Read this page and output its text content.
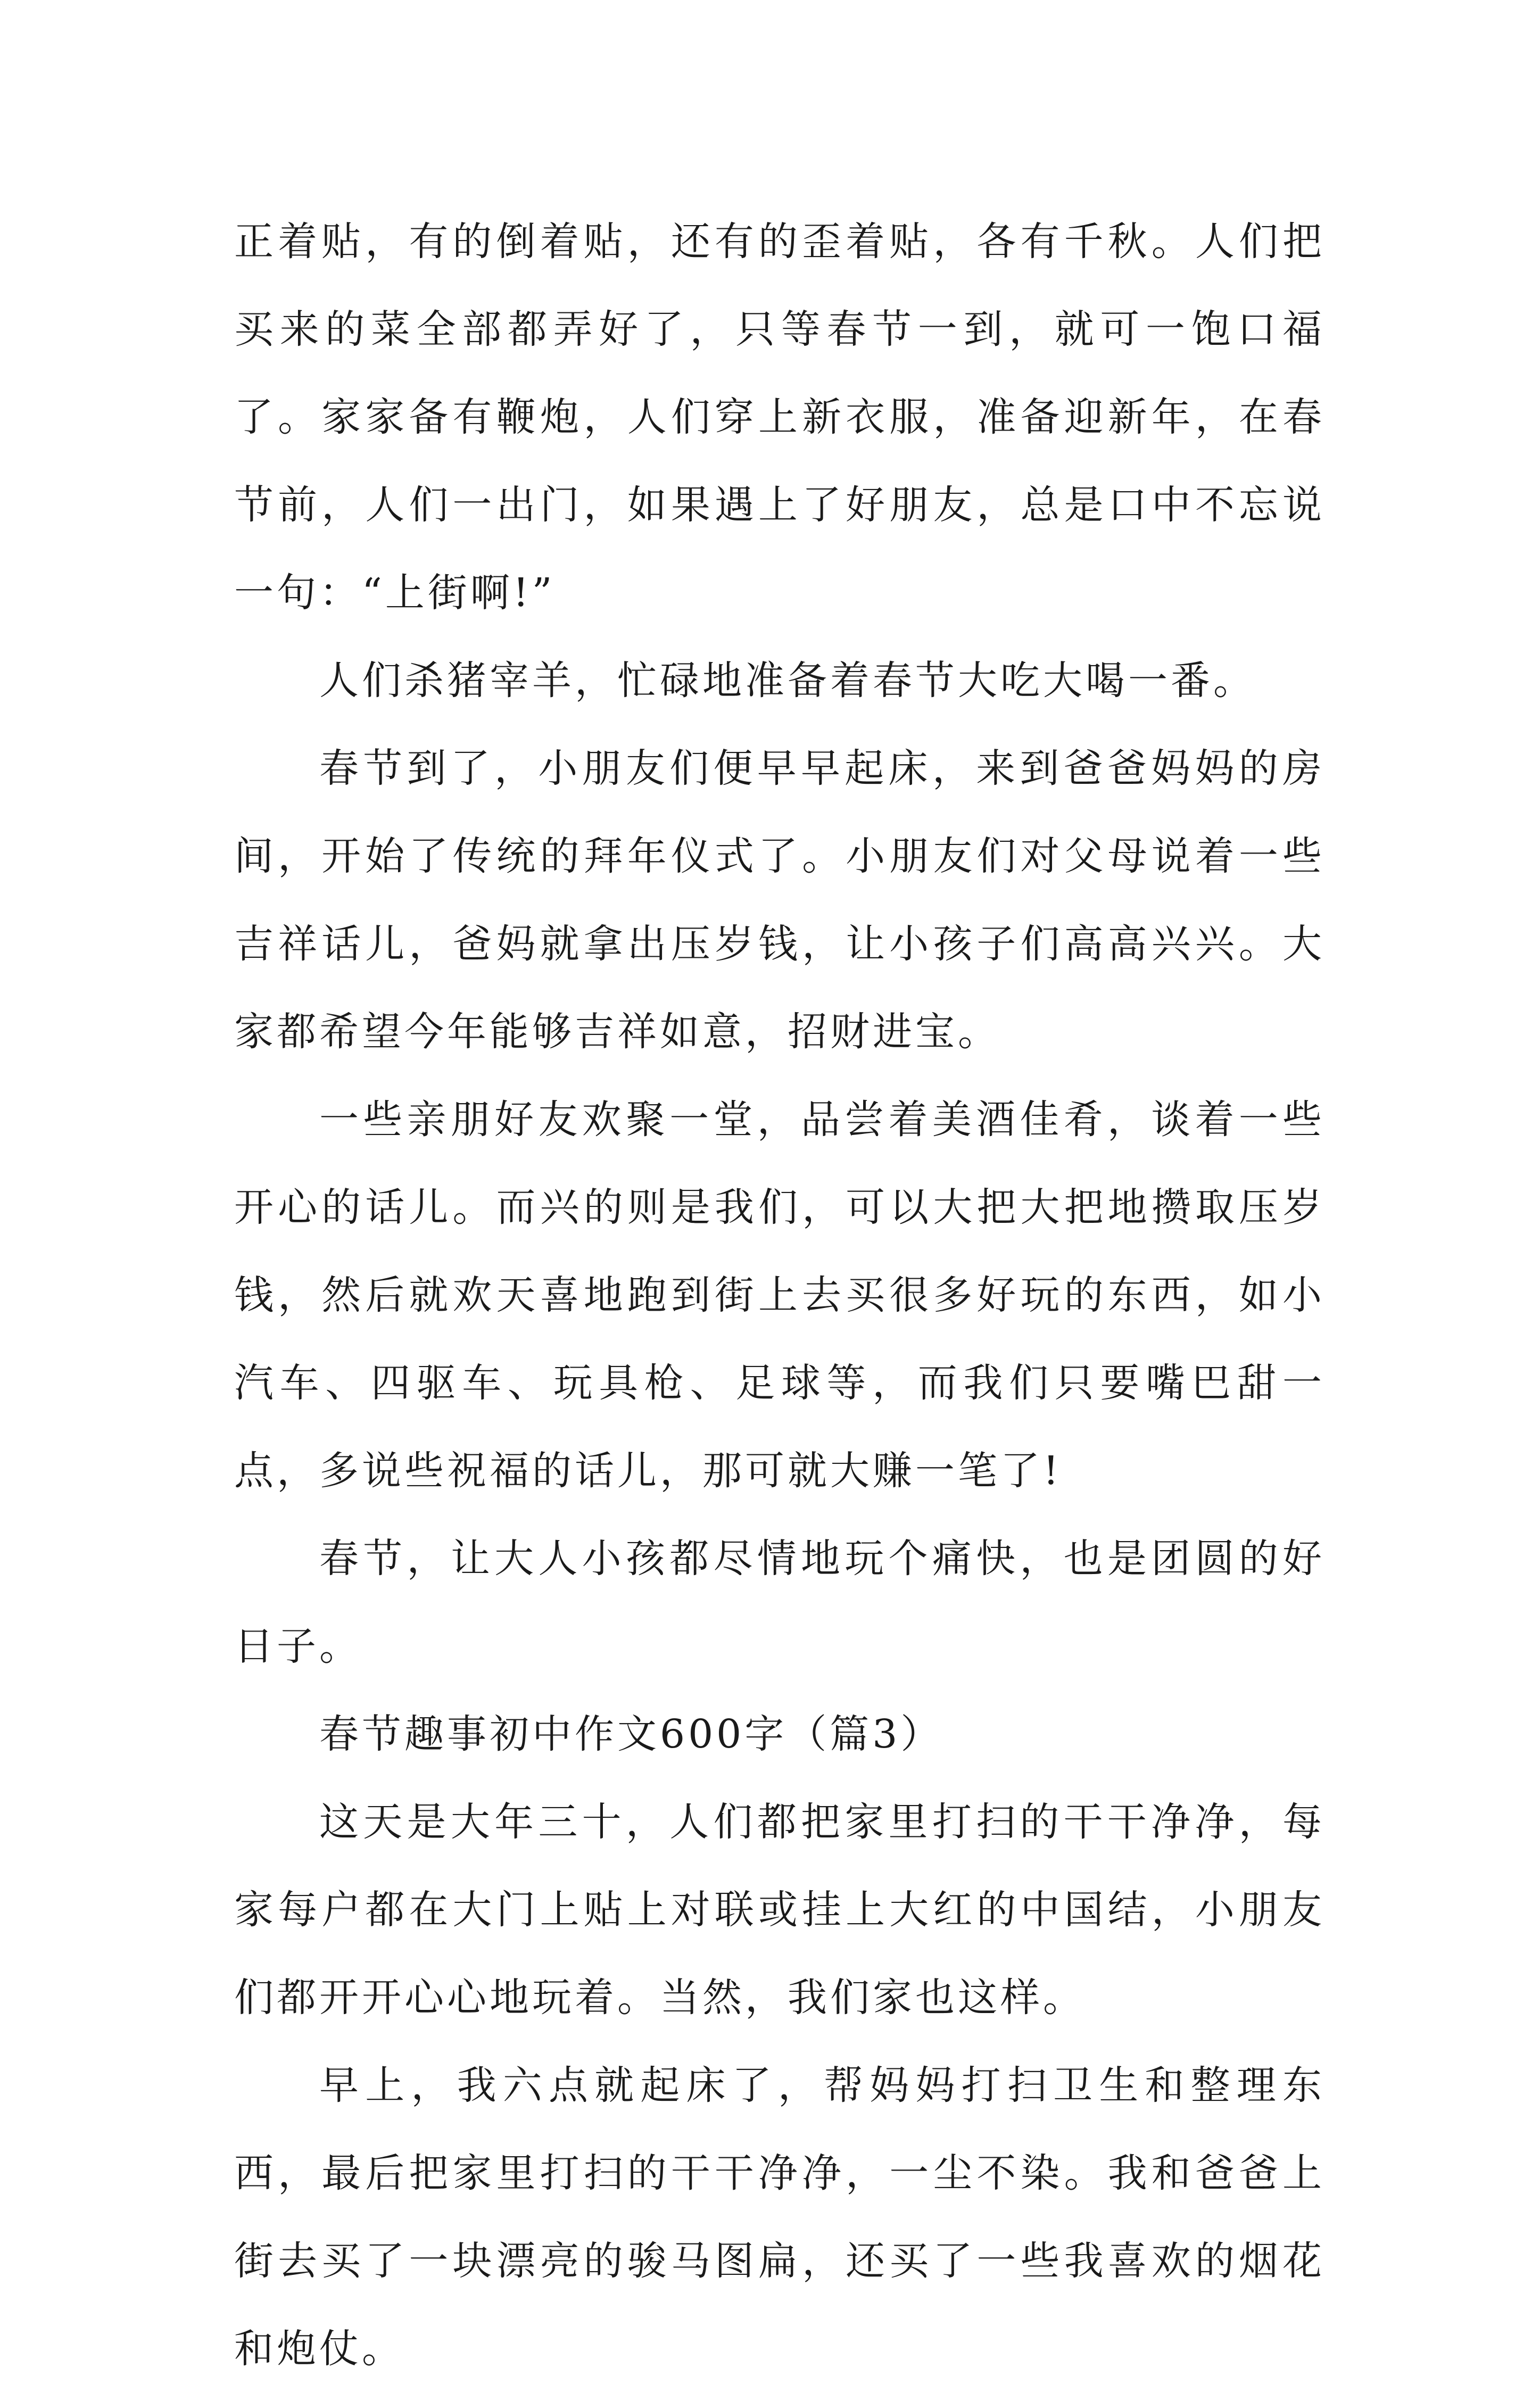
正着贴，有的倒着贴，还有的歪着贴，各有千秋。人们把买来的菜全部都弄好了，只等春节一到，就可一饱口福了。家家备有鞭炮，人们穿上新衣服，准备迎新年，在春节前，人们一出门，如果遇上了好朋友，总是口中不忘说一句：“上街啊!”

人们杀猪宰羊，忙碌地准备着春节大吃大喝一番。

春节到了，小朋友们便早早起床，来到爸爸妈妈的房间，开始了传统的拜年仪式了。小朋友们对父母说着一些吉祥话儿，爸妈就拿出压岁钱，让小孩子们高高兴兴。大家都希望今年能够吉祥如意，招财进宝。

一些亲朋好友欢聚一堂，品尝着美酒佳肴，谈着一些开心的话儿。而兴的则是我们，可以大把大把地攒取压岁钱，然后就欢天喜地跑到街上去买很多好玩的东西，如小汽车、四驱车、玩具枪、足球等，而我们只要嘴巴甜一点，多说些祝福的话儿，那可就大赚一笔了!

春节，让大人小孩都尽情地玩个痛快，也是团圆的好日子。

春节趣事初中作文600字（篇3）

这天是大年三十，人们都把家里打扫的干干净净，每家每户都在大门上贴上对联或挂上大红的中国结，小朋友们都开开心心地玩着。当然，我们家也这样。

早上，我六点就起床了，帮妈妈打扫卫生和整理东西，最后把家里打扫的干干净净，一尘不染。我和爸爸上街去买了一块漂亮的骏马图扁，还买了一些我喜欢的烟花和炮仗。
